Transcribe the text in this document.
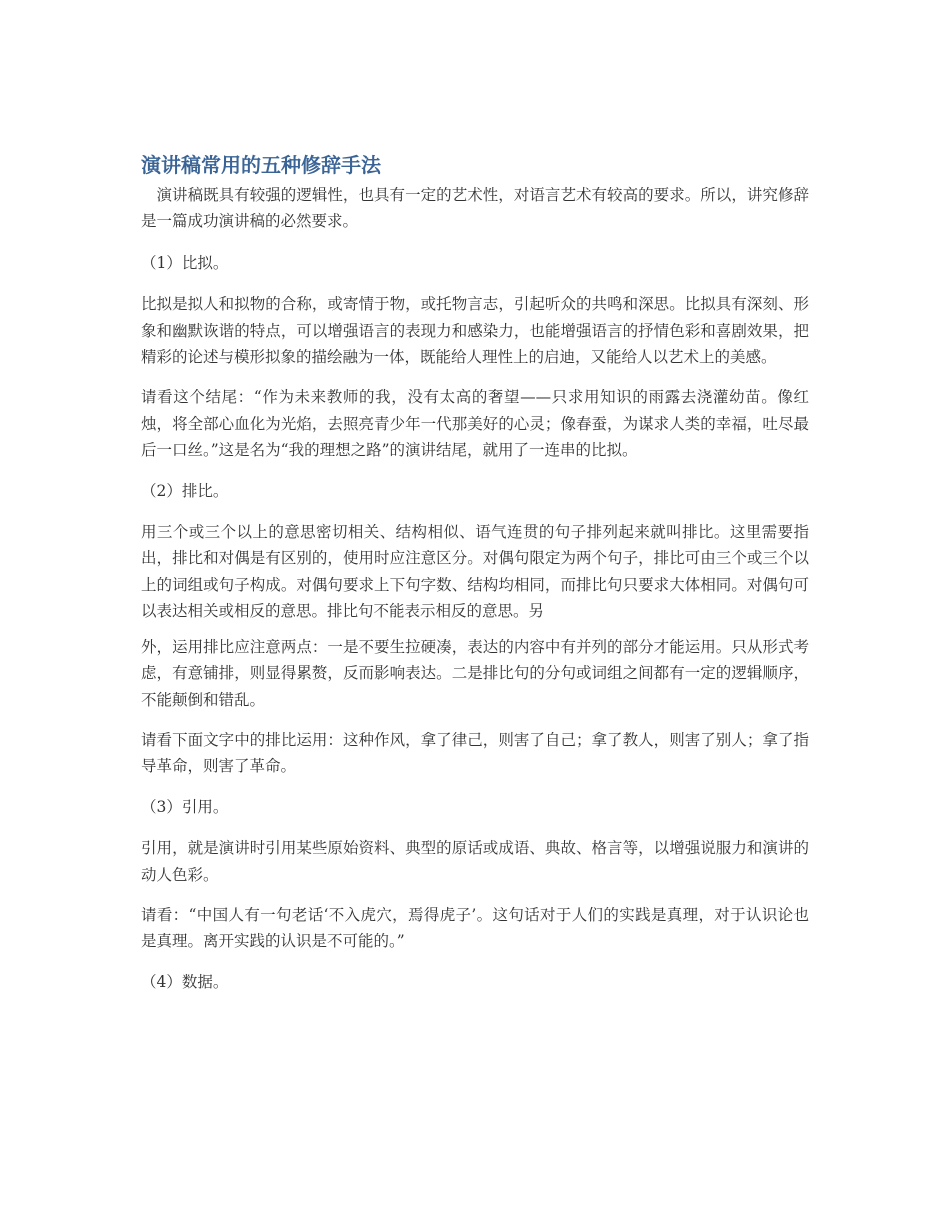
演讲稿常用的五种修辞手法

演讲稿既具有较强的逻辑性，也具有一定的艺术性，对语言艺术有较高的要求。所以，讲究修辞是一篇成功演讲稿的必然要求。

（1）比拟。

比拟是拟人和拟物的合称，或寄情于物，或托物言志，引起听众的共鸣和深思。比拟具有深刻、形象和幽默诙谐的特点，可以增强语言的表现力和感染力，也能增强语言的抒情色彩和喜剧效果，把精彩的论述与模形拟象的描绘融为一体，既能给人理性上的启迪，又能给人以艺术上的美感。

请看这个结尾：“作为未来教师的我，没有太高的奢望——只求用知识的雨露去浇灌幼苗。像红烛，将全部心血化为光焰，去照亮青少年一代那美好的心灵；像春蚕，为谋求人类的幸福，吐尽最后一口丝。”这是名为“我的理想之路”的演讲结尾，就用了一连串的比拟。

（2）排比。

用三个或三个以上的意思密切相关、结构相似、语气连贯的句子排列起来就叫排比。这里需要指出，排比和对偶是有区别的，使用时应注意区分。对偶句限定为两个句子，排比可由三个或三个以上的词组或句子构成。对偶句要求上下句字数、结构均相同，而排比句只要求大体相同。对偶句可以表达相关或相反的意思。排比句不能表示相反的意思。另

外，运用排比应注意两点：一是不要生拉硬凑，表达的内容中有并列的部分才能运用。只从形式考虑，有意铺排，则显得累赘，反而影响表达。二是排比句的分句或词组之间都有一定的逻辑顺序，不能颠倒和错乱。

请看下面文字中的排比运用：这种作风，拿了律己，则害了自己；拿了教人，则害了别人；拿了指导革命，则害了革命。

（3）引用。

引用，就是演讲时引用某些原始资料、典型的原话或成语、典故、格言等，以增强说服力和演讲的动人色彩。

请看：“中国人有一句老话‘不入虎穴，焉得虎子’。这句话对于人们的实践是真理，对于认识论也是真理。离开实践的认识是不可能的。”

（4）数据。
